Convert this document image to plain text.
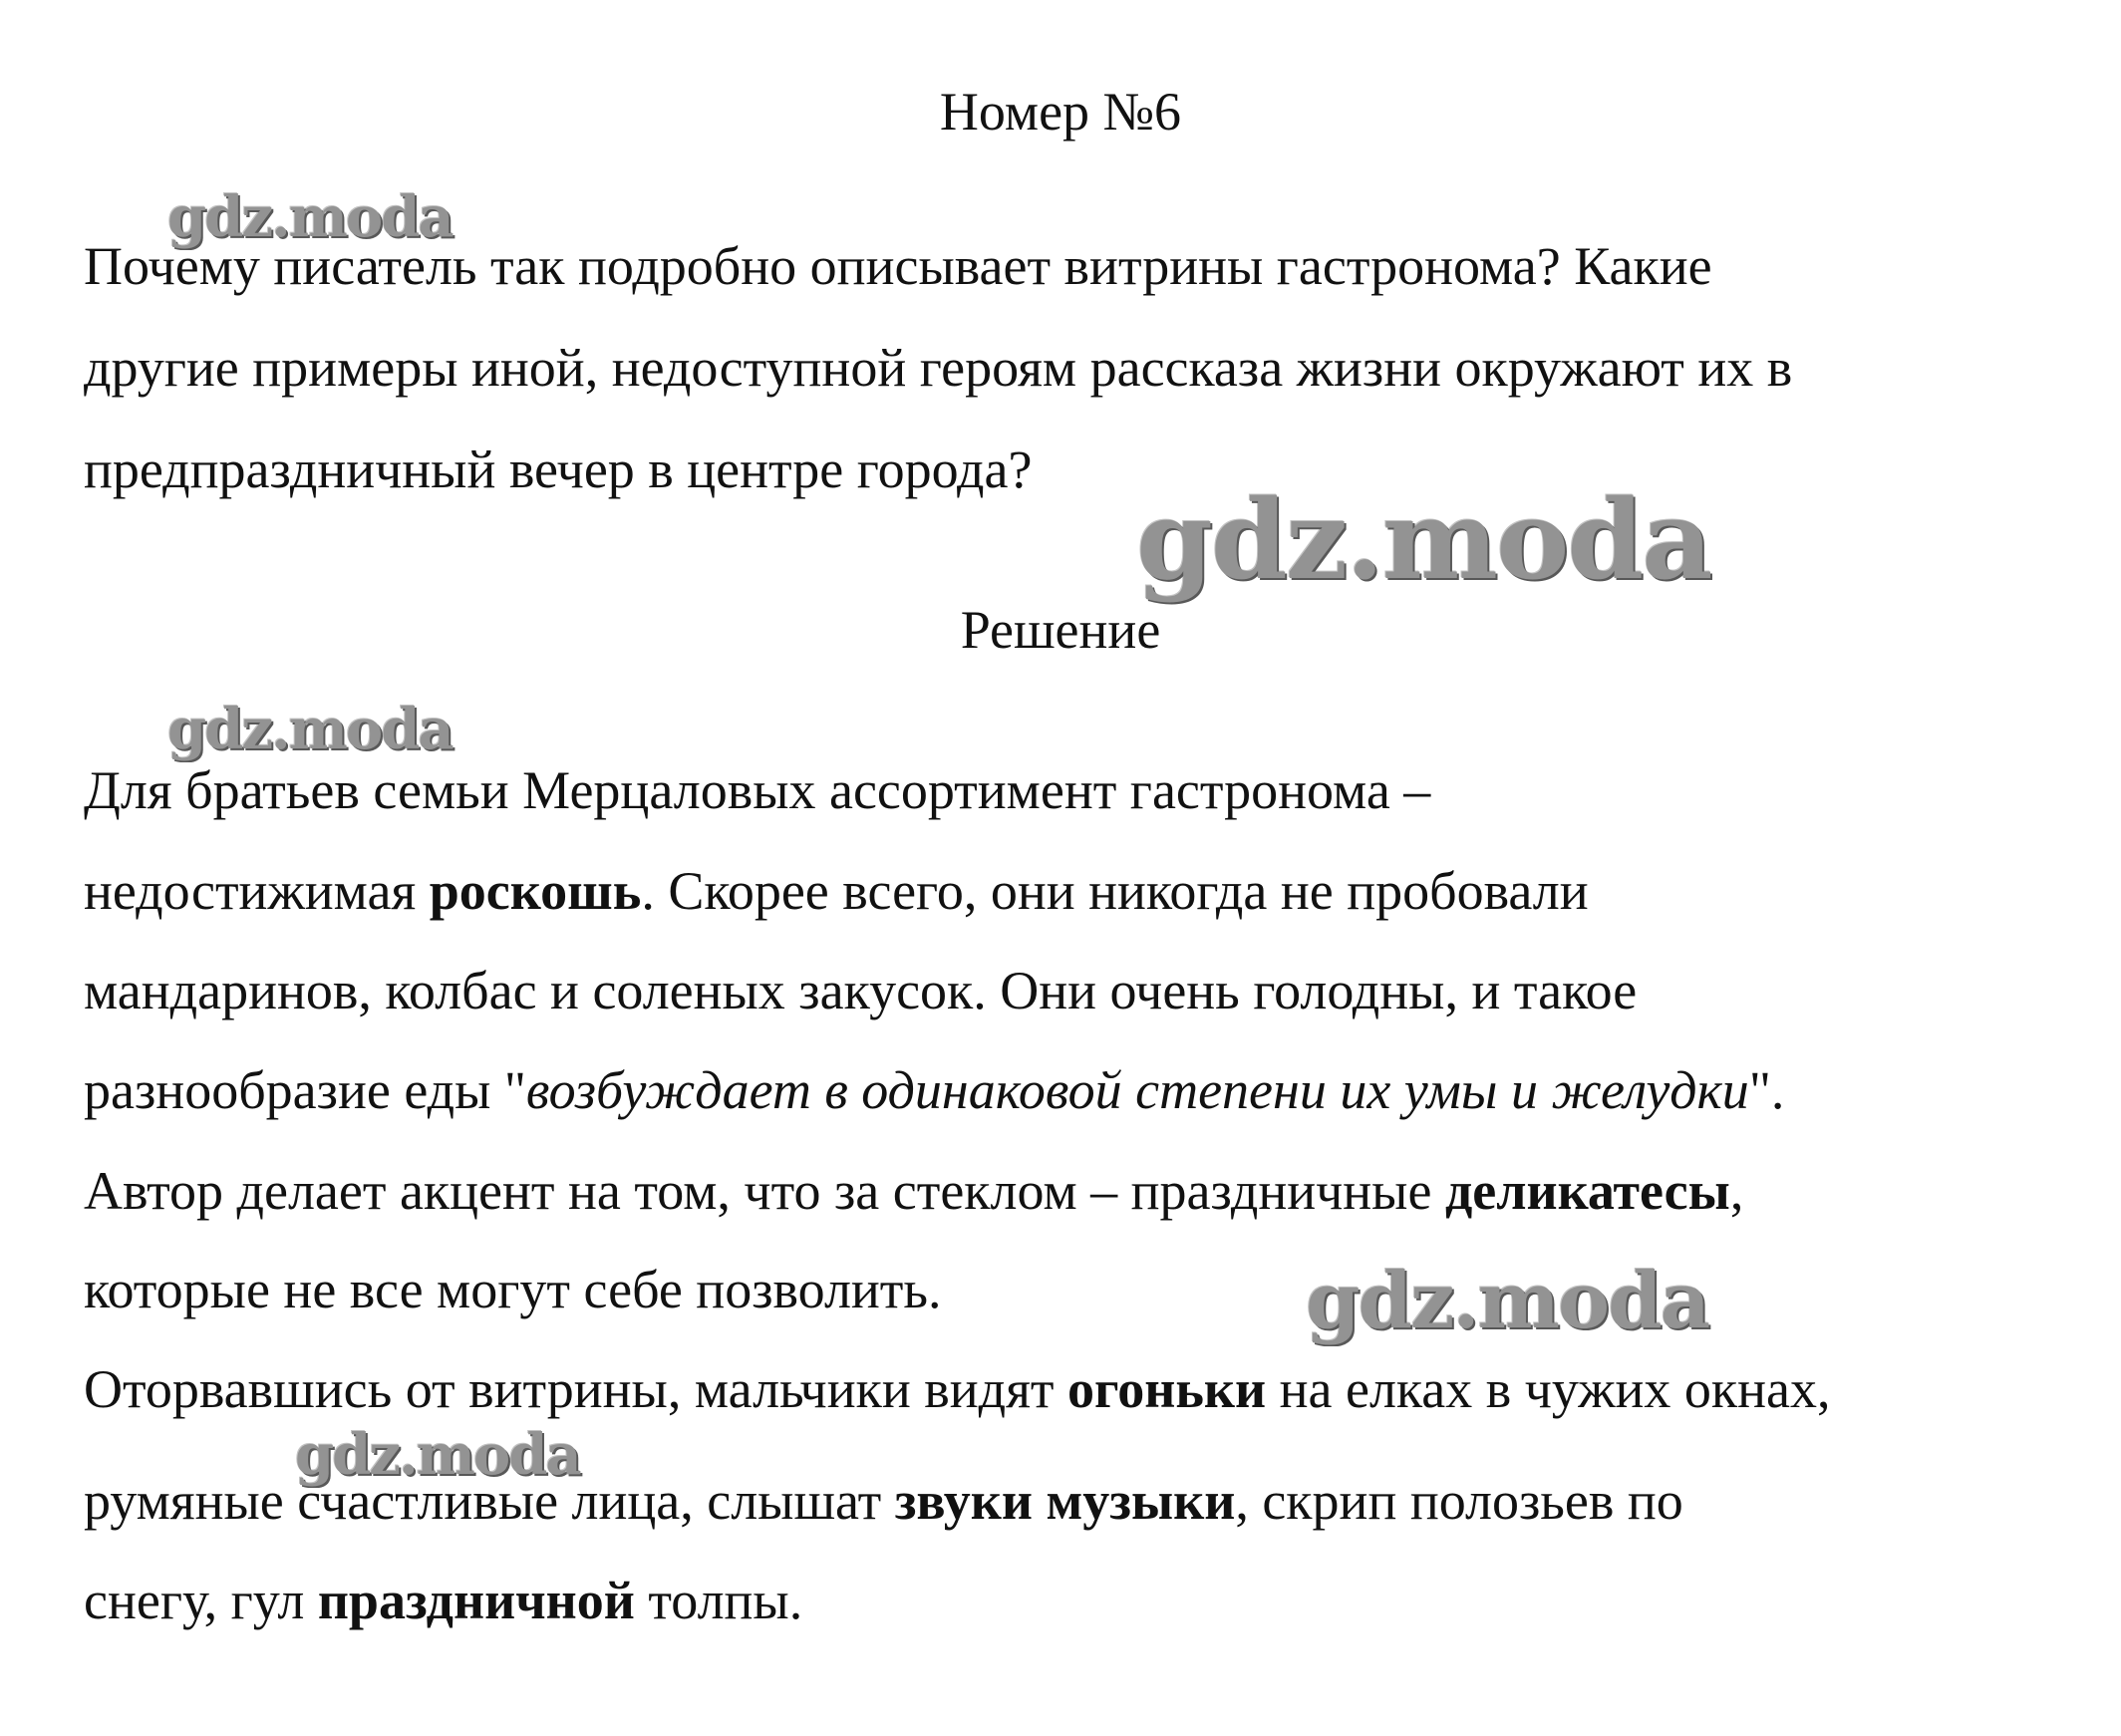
Номер №6
gdz.moda
Почему писатель так подробно описывает витрины гастронома? Какие
другие примеры иной, недоступной героям рассказа жизни окружают их в
предпраздничный вечер в центре города?
gdz.moda
Решение
gdz.moda
Для братьев семьи Мерцаловых ассортимент гастронома –
недостижимая роскошь. Скорее всего, они никогда не пробовали
мандаринов, колбас и соленых закусок. Они очень голодны, и такое
разнообразие еды "возбуждает в одинаковой степени их умы и желудки".
Автор делает акцент на том, что за стеклом – праздничные деликатесы,
которые не все могут себе позволить.	gdz.moda
Оторвавшись от витрины, мальчики видят огоньки на елках в чужих окнах,
gdz.moda
румяные счастливые лица, слышат звуки музыки, скрип полозьев по
снегу, гул праздничной толпы.
